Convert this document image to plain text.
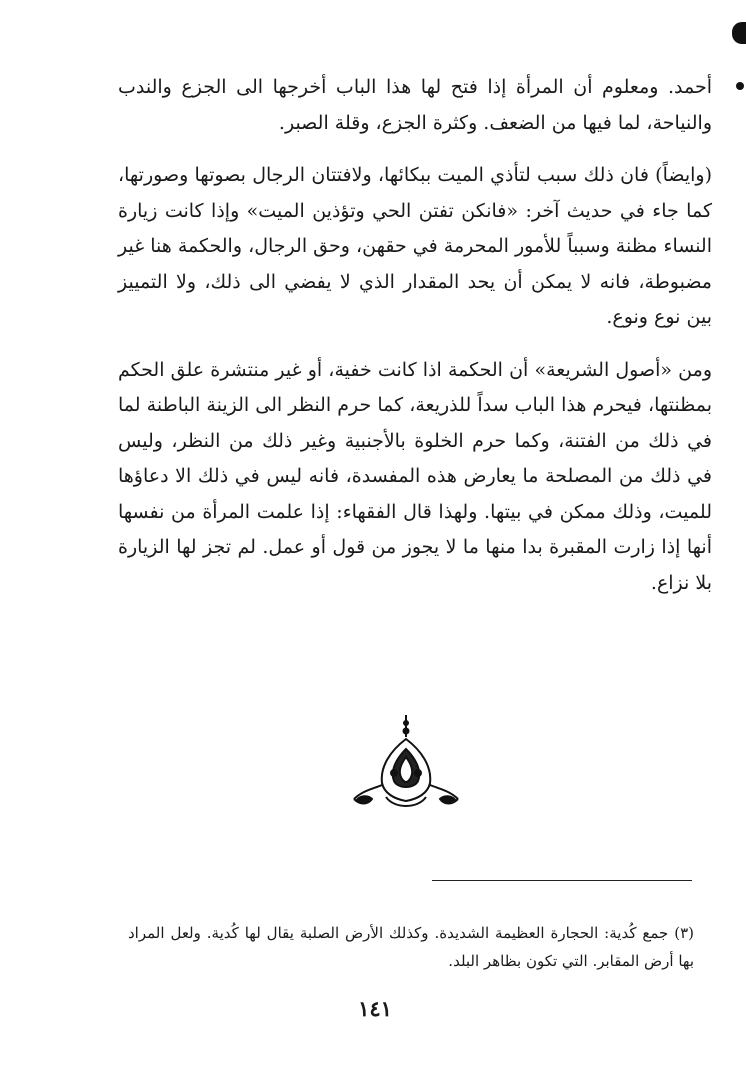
أحمد. ومعلوم أن المرأة إذا فتح لها هذا الباب أخرجها الى الجزع والندب والنياحة، لما فيها من الضعف. وكثرة الجزع، وقلة الصبر.

(وايضاً) فان ذلك سبب لتأذي الميت ببكائها، ولافتتان الرجال بصوتها وصورتها، كما جاء في حديث آخر: «فانكن تفتن الحي وتؤذين الميت» وإذا كانت زيارة النساء مظنة وسبباً للأمور المحرمة في حقهن، وحق الرجال، والحكمة هنا غير مضبوطة، فانه لا يمكن أن يحد المقدار الذي لا يفضي الى ذلك، ولا التمييز بين نوع ونوع.

ومن «أصول الشريعة» أن الحكمة اذا كانت خفية، أو غير منتشرة علق الحكم بمظنتها، فيحرم هذا الباب سداً للذريعة، كما حرم النظر الى الزينة الباطنة لما في ذلك من الفتنة، وكما حرم الخلوة بالأجنبية وغير ذلك من النظر، وليس في ذلك من المصلحة ما يعارض هذه المفسدة، فانه ليس في ذلك الا دعاؤها للميت، وذلك ممكن في بيتها. ولهذا قال الفقهاء: إذا علمت المرأة من نفسها أنها إذا زارت المقبرة بدا منها ما لا يجوز من قول أو عمل. لم تجز لها الزيارة بلا نزاع.

(٣) جمع كُدية: الحجارة العظيمة الشديدة. وكذلك الأرض الصلبة يقال لها كُدية. ولعل المراد بها أرض المقابر. التي تكون بظاهر البلد.

١٤١
